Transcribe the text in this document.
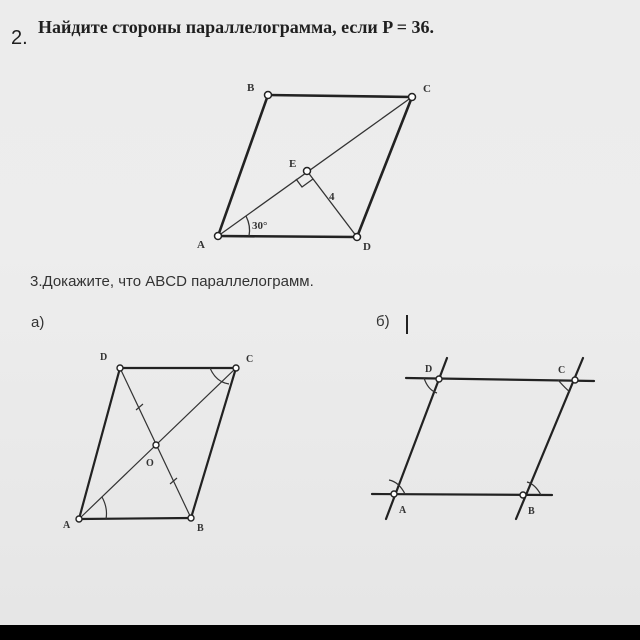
2. Найдите стороны параллелограмма, если P = 36.
A
B	C
D
E
30°
4
3.Докажите, что ABCD параллелограмм.
а)	б)
A	B
C
D
O
A	B
C
D
